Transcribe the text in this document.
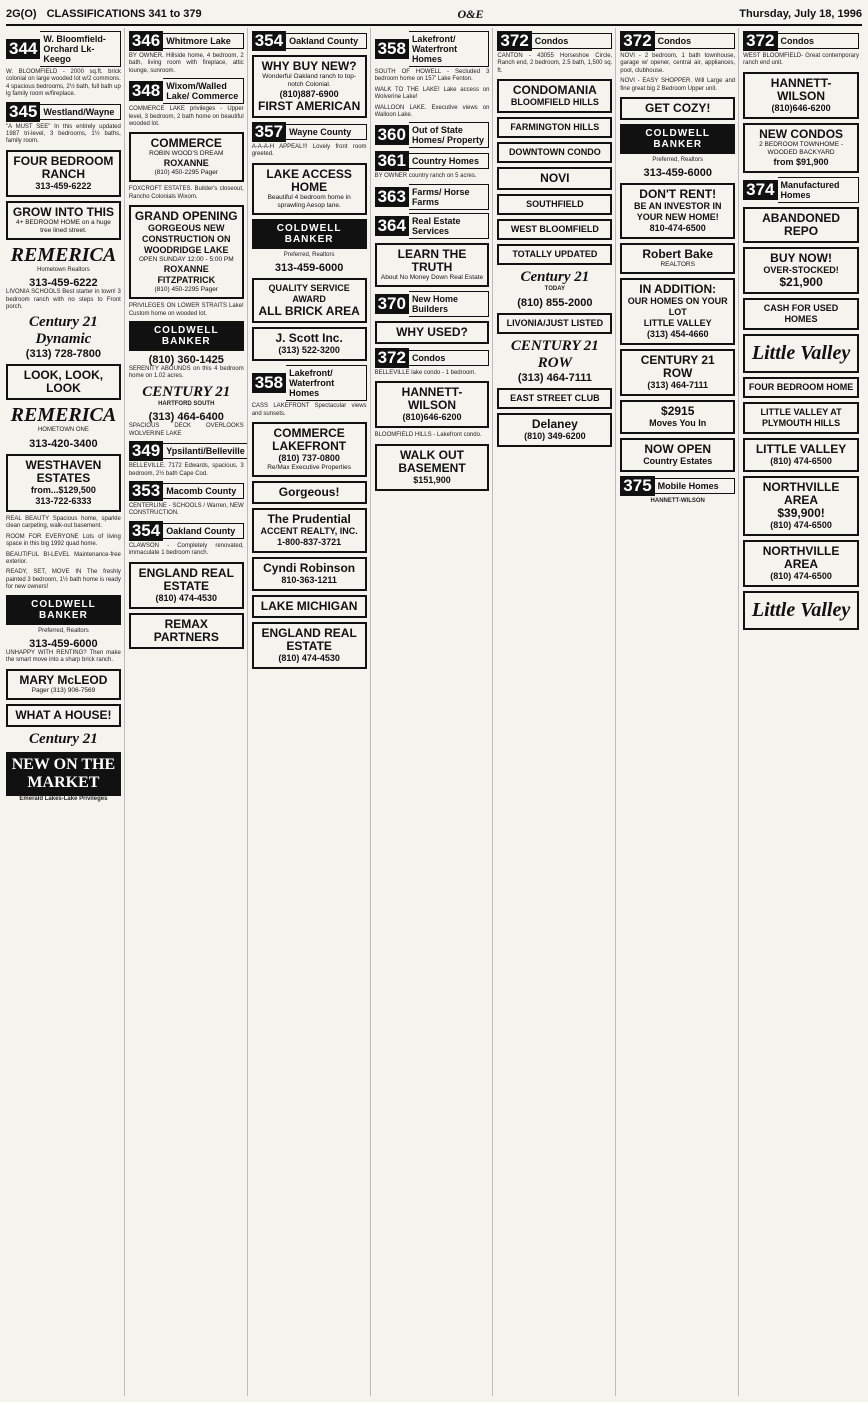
2G(O) CLASSIFICATIONS 341 to 379	O&E	Thursday, July 18, 1996
344 W. Bloomfield-Orchard Lk-Keego
W. BLOOMFIELD - 2000 sq.ft. brick colonial on large wooded lot w/2 commons. 4 spacious bedrooms, 2½ bath, full bath up lg family room w/fireplace.
345 Westland/Wayne
"A MUST SEE" In this entirely updated 1987 tri-level, 3 bedrooms, 1½ baths, family room.
FOUR BEDROOM RANCH
313-459-6222
GROW INTO THIS
4+ BEDROOM HOME on a huge tree lined street.
REMERICA
Hometown Realtors
313-459-6222
LIVONIA SCHOOLS Best starter in town! 3 bedroom ranch with no steps to Front porch.
Century 21 Dynamic
(313) 728-7800
LOOK, LOOK, LOOK
REMERICA
HOMETOWN ONE
313-420-3400
WESTHAVEN ESTATES
from...$129,500
313-722-6333
REAL BEAUTY Spacious home, sparkle clean carpeting, walk-out basement.
ROOM FOR EVERYONE Lots of living space in this big 1992 quad home.
BEAUTIFUL BI-LEVEL Maintenance-free exterior.
READY, SET, MOVE IN The freshly painted 3 bedroom, 1½ bath home is ready for new owners!
COLDWELL BANKER
Preferred, Realtors
313-459-6000
UNHAPPY WITH RENTING? Then make the smart move into a sharp brick ranch.
MARY McLEOD
Pager (313) 906-7569
WHAT A HOUSE!
Century 21
NEW ON THE MARKET
Emerald Lakes-Lake Privileges
346 Whitmore Lake
BY OWNER. Hillside home, 4 bedroom, 2 bath, living room with fireplace, attic lounge, sunroom.
348 Wixom/Walled Lake/ Commerce
COMMERCE LAKE privileges - Upper level, 3 bedroom, 2 bath home on beautiful wooded lot.
COMMERCE
ROBIN WOOD'S DREAM
ROXANNE
(810) 450-2295 Pager
FOXCROFT ESTATES. Builder's closeout, Rancho Colonials Wixom.
GRAND OPENING
GORGEOUS NEW CONSTRUCTION ON WOODRIDGE LAKE
OPEN SUNDAY 12:00 - 5:00 PM
ROXANNE FITZPATRICK
(810) 450-2295 Pager
PRIVILEGES ON LOWER STRAITS Lake! Custom home on wooded lot.
COLDWELL BANKER
(810) 360-1425
SERENITY ABOUNDS on this 4 bedroom home on 1.02 acres.
CENTURY 21
HARTFORD SOUTH
(313) 464-6400
SPACIOUS DECK OVERLOOKS WOLVERINE LAKE
349 Ypsilanti/Belleville
BELLEVILLE. 7172 Edwards, spacious, 3 bedroom, 2½ bath Cape Cod.
353 Macomb County
CENTERLINE - SCHOOLS / Warren, NEW CONSTRUCTION.
354 Oakland County
CLAWSON - Completely renovated, immaculate 1 bedroom ranch.
ENGLAND REAL ESTATE
(810) 474-4530
REMAX PARTNERS
354 Oakland County
WHY BUY NEW?
Wonderful Oakland ranch to top-notch Colonial.
(810)887-6900
FIRST AMERICAN
357 Wayne County
A-A-A-H APPEAL!!! Lovely front room greeted.
LAKE ACCESS HOME
Beautiful 4 bedroom home in sprawling Aesop lane.
COLDWELL BANKER
Preferred, Realtors
313-459-6000
QUALITY SERVICE AWARD
ALL BRICK AREA
J. Scott Inc.
(313) 522-3200
358 Lakefront/ Waterfront Homes
CASS LAKEFRONT Spectacular views and sunsets.
COMMERCE LAKEFRONT
(810) 737-0800
Re/Max Executive Properties
Gorgeous!
The Prudential
ACCENT REALTY, INC.
1-800-837-3721
Cyndi Robinson
810-363-1211
LAKE MICHIGAN
ENGLAND REAL ESTATE
(810) 474-4530
358 Lakefront/ Waterfront Homes
SOUTH OF HOWELL - Secluded 3 bedroom home on 157' Lake Fenton.
WALK TO THE LAKE! Lake access on Wolverine Lake!
WALLOON LAKE. Executive views on Walloon Lake.
360 Out of State Homes/ Property
361 Country Homes
BY OWNER country ranch on 5 acres.
363 Farms/ Horse Farms
364 Real Estate Services
LEARN THE TRUTH
About No Money Down Real Estate
370 New Home Builders
WHY USED?
372 Condos
BELLEVILLE lake condo - 1 bedroom.
HANNETT-WILSON
(810)646-6200
BLOOMFIELD HILLS - Lakefront condo.
WALK OUT BASEMENT
$151,900
372 Condos
CANTON - 43055 Horseshoe Circle, Ranch end, 2 bedroom, 2.5 bath, 1,500 sq. ft.
CONDOMANIA
BLOOMFIELD HILLS
FARMINGTON HILLS
DOWNTOWN CONDO
NOVI
SOUTHFIELD
WEST BLOOMFIELD
TOTALLY UPDATED
Century 21
TODAY
(810) 855-2000
LIVONIA/JUST LISTED
CENTURY 21 ROW
(313) 464-7111
EAST STREET CLUB
Delaney
(810) 349-6200
372 Condos
NOVI - 2 bedroom, 1 bath townhouse, garage w/ opener, central air, appliances, pool, clubhouse.
NOVI - EASY SHOPPER. Will Large and fine great big 2 Bedroom Upper unit.
GET COZY!
COLDWELL BANKER
Preferred, Realtors
313-459-6000
DON'T RENT!
BE AN INVESTOR IN YOUR NEW HOME!
810-474-6500
Robert Bake
REALTORS
IN ADDITION:
OUR HOMES ON YOUR LOT
LITTLE VALLEY
(313) 454-4660
CENTURY 21 ROW
(313) 464-7111
$2915
Moves You In
NOW OPEN
Country Estates
375 Mobile Homes
HANNETT-WILSON
372 Condos
WEST BLOOMFIELD- Great contemporary ranch end unit.
HANNETT-WILSON
(810)646-6200
NEW CONDOS
2 BEDROOM TOWNHOME - WOODED BACKYARD
from $91,900
374 Manufactured Homes
ABANDONED REPO
BUY NOW!
OVER-STOCKED!
$21,900
CASH FOR USED HOMES
Little Valley
FOUR BEDROOM HOME
LITTLE VALLEY AT PLYMOUTH HILLS
LITTLE VALLEY
(810) 474-6500
NORTHVILLE AREA
$39,900!
(810) 474-6500
NORTHVILLE AREA
(810) 474-6500
Little Valley
